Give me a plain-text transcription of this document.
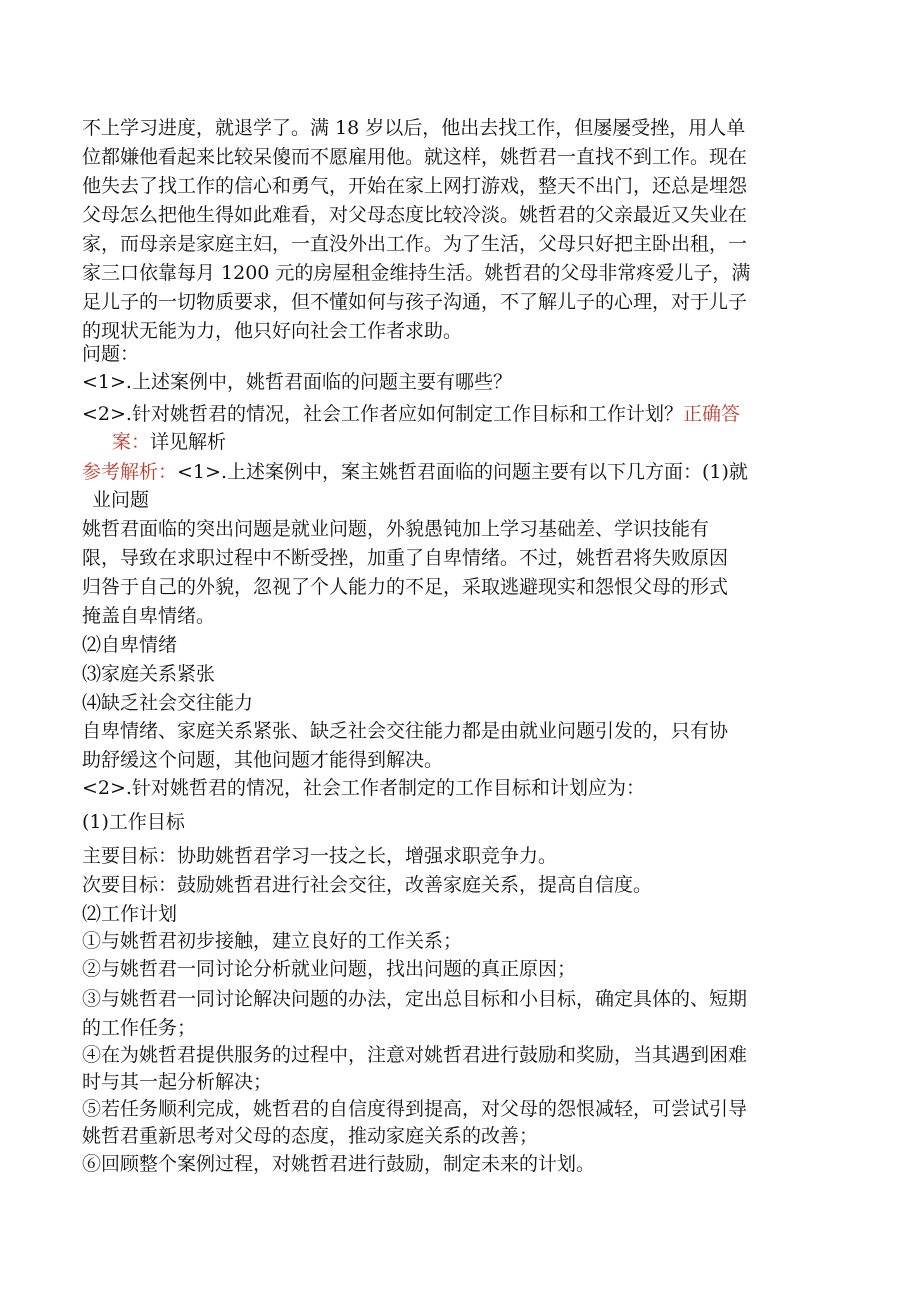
不上学习进度，就退学了。满 18 岁以后，他出去找工作，但屡屡受挫，用人单
位都嫌他看起来比较呆傻而不愿雇用他。就这样，姚哲君一直找不到工作。现在
他失去了找工作的信心和勇气，开始在家上网打游戏，整天不出门，还总是埋怨
父母怎么把他生得如此难看，对父母态度比较冷淡。姚哲君的父亲最近又失业在
家，而母亲是家庭主妇，一直没外出工作。为了生活，父母只好把主卧出租，一
家三口依靠每月 1200 元的房屋租金维持生活。姚哲君的父母非常疼爱儿子，满
足儿子的一切物质要求，但不懂如何与孩子沟通，不了解儿子的心理，对于儿子
的现状无能为力，他只好向社会工作者求助。
问题：
<1>.上述案例中，姚哲君面临的问题主要有哪些？
<2>.针对姚哲君的情况，社会工作者应如何制定工作目标和工作计划？正确答
案：详见解析
参考解析：<1>.上述案例中，案主姚哲君面临的问题主要有以下几方面：(1)就
业问题
姚哲君面临的突出问题是就业问题，外貌愚钝加上学习基础差、学识技能有
限，导致在求职过程中不断受挫，加重了自卑情绪。不过，姚哲君将失败原因
归咎于自己的外貌，忽视了个人能力的不足，采取逃避现实和怨恨父母的形式
掩盖自卑情绪。
⑵自卑情绪
⑶家庭关系紧张
⑷缺乏社会交往能力
自卑情绪、家庭关系紧张、缺乏社会交往能力都是由就业问题引发的，只有协
助舒缓这个问题，其他问题才能得到解决。
<2>.针对姚哲君的情况，社会工作者制定的工作目标和计划应为：
(1)工作目标
主要目标：协助姚哲君学习一技之长，增强求职竞争力。
次要目标：鼓励姚哲君进行社会交往，改善家庭关系，提高自信度。
⑵工作计划
①与姚哲君初步接触，建立良好的工作关系；
②与姚哲君一同讨论分析就业问题，找出问题的真正原因；
③与姚哲君一同讨论解决问题的办法，定出总目标和小目标，确定具体的、短期
的工作任务；
④在为姚哲君提供服务的过程中，注意对姚哲君进行鼓励和奖励，当其遇到困难
时与其一起分析解决；
⑤若任务顺利完成，姚哲君的自信度得到提高，对父母的怨恨减轻，可尝试引导
姚哲君重新思考对父母的态度，推动家庭关系的改善；
⑥回顾整个案例过程，对姚哲君进行鼓励，制定未来的计划。
